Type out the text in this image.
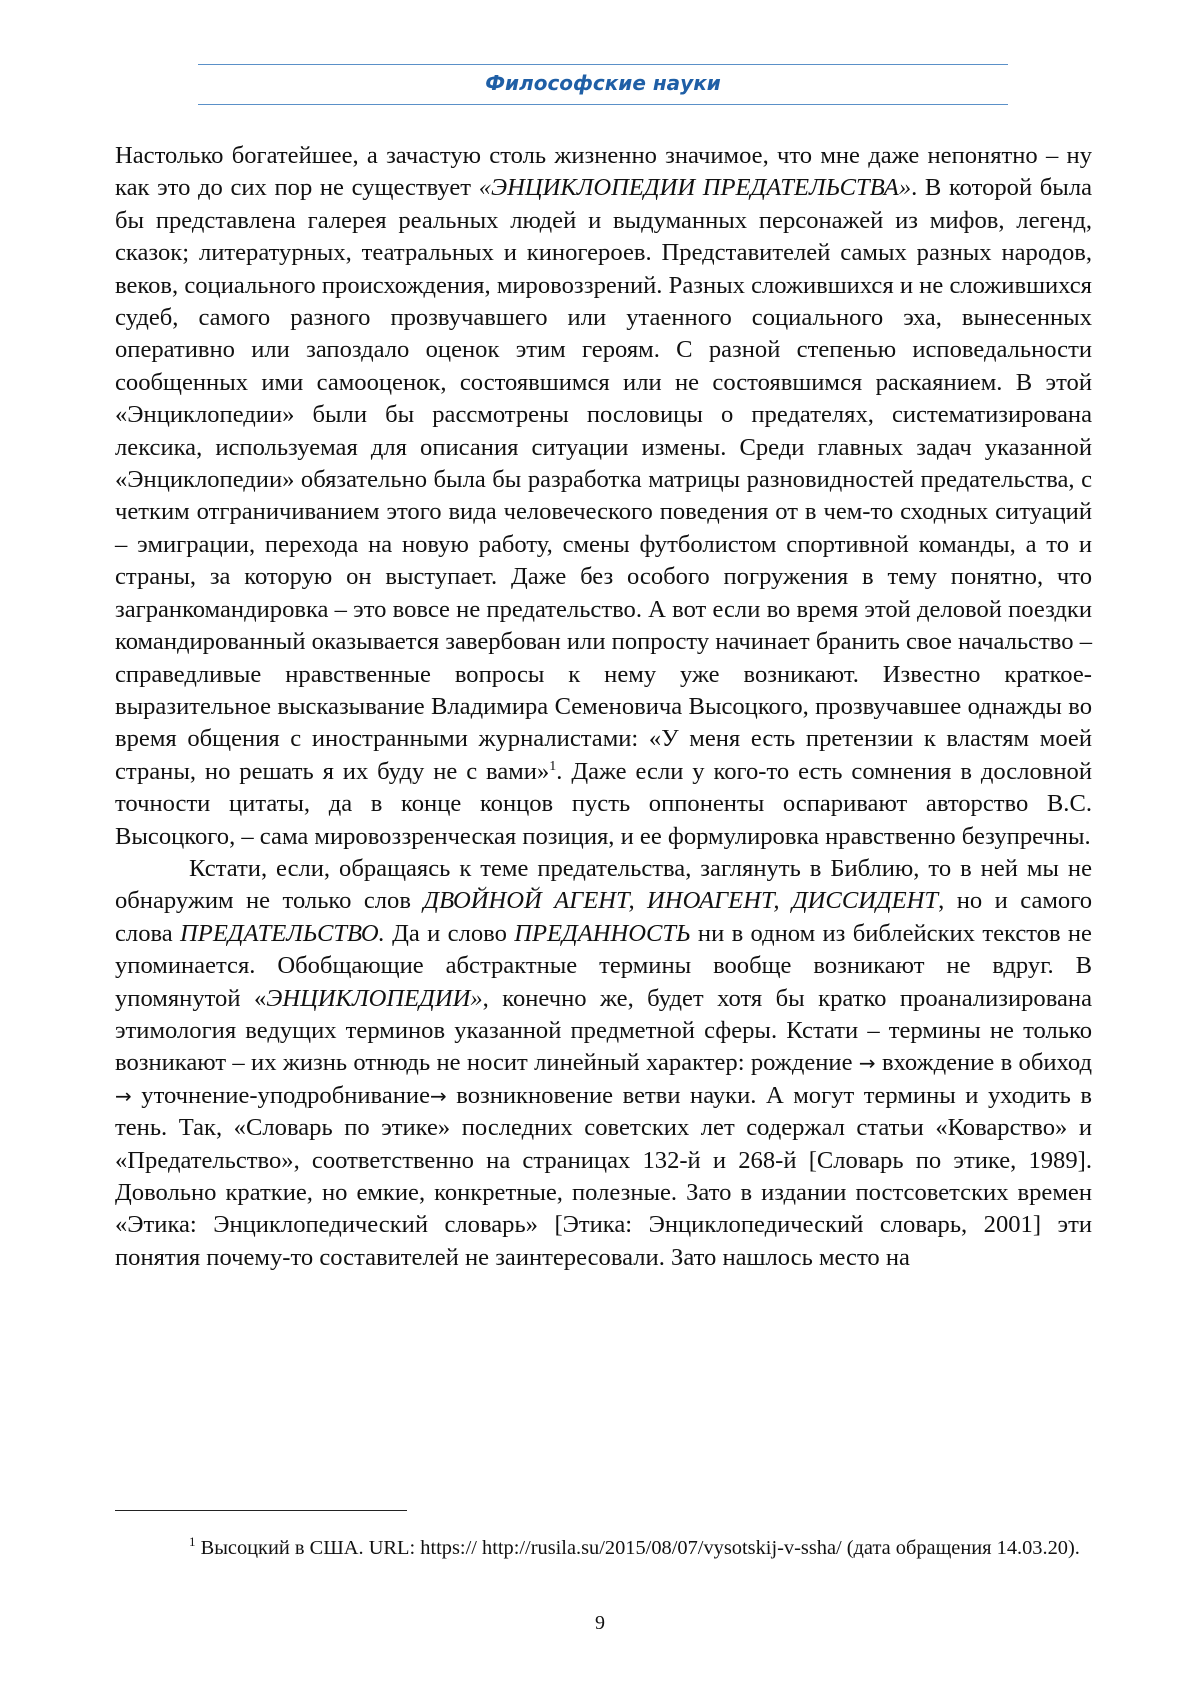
Философские науки

Настолько богатейшее, а зачастую столь жизненно значимое, что мне даже непонятно – ну как это до сих пор не существует «ЭНЦИКЛОПЕДИИ ПРЕДАТЕЛЬСТВА». В которой была бы представлена галерея реальных людей и выдуманных персонажей из мифов, легенд, сказок; литературных, театральных и киногероев. Представителей самых разных народов, веков, социального происхождения, мировоззрений. Разных сложившихся и не сложившихся судеб, самого разного прозвучавшего или утаенного социального эха, вынесенных оперативно или запоздало оценок этим героям. С разной степенью исповедальности сообщенных ими самооценок, состоявшимся или не состоявшимся раскаянием. В этой «Энциклопедии» были бы рассмотрены пословицы о предателях, систематизирована лексика, используемая для описания ситуации измены. Среди главных задач указанной «Энциклопедии» обязательно была бы разработка матрицы разновидностей предательства, с четким отграничиванием этого вида человеческого поведения от в чем-то сходных ситуаций – эмиграции, перехода на новую работу, смены футболистом спортивной команды, а то и страны, за которую он выступает. Даже без особого погружения в тему понятно, что загранкомандировка – это вовсе не предательство. А вот если во время этой деловой поездки командированный оказывается завербован или попросту начинает бранить свое начальство – справедливые нравственные вопросы к нему уже возникают. Известно краткое-выразительное высказывание Владимира Семеновича Высоцкого, прозвучавшее однажды во время общения с иностранными журналистами: «У меня есть претензии к властям моей страны, но решать я их буду не с вами»$^1$. Даже если у кого-то есть сомнения в дословной точности цитаты, да в конце концов пусть оппоненты оспаривают авторство В.С. Высоцкого, – сама мировоззренческая позиция, и ее формулировка нравственно безупречны.

Кстати, если, обращаясь к теме предательства, заглянуть в Библию, то в ней мы не обнаружим не только слов ДВОЙНОЙ АГЕНТ, ИНОАГЕНТ, ДИССИДЕНТ, но и самого слова ПРЕДАТЕЛЬСТВО. Да и слово ПРЕДАННОСТЬ ни в одном из библейских текстов не упоминается. Обобщающие абстрактные термины вообще возникают не вдруг. В упомянутой «ЭНЦИКЛОПЕДИИ», конечно же, будет хотя бы кратко проанализирована этимология ведущих терминов указанной предметной сферы. Кстати – термины не только возникают – их жизнь отнюдь не носит линейный характер: рождение → вхождение в обиход → уточнение-уподробнивание→ возникновение ветви науки. А могут термины и уходить в тень. Так, «Словарь по этике» последних советских лет содержал статьи «Коварство» и «Предательство», соответственно на страницах 132-й и 268-й [Словарь по этике, 1989]. Довольно краткие, но емкие, конкретные, полезные. Зато в издании постсоветских времен «Этика: Энциклопедический словарь» [Этика: Энциклопедический словарь, 2001] эти понятия почему-то составителей не заинтересовали. Зато нашлось место на

$^1$ Высоцкий в США. URL: https:// http://rusila.su/2015/08/07/vysotskij-v-ssha/ (дата обращения 14.03.20).

9
